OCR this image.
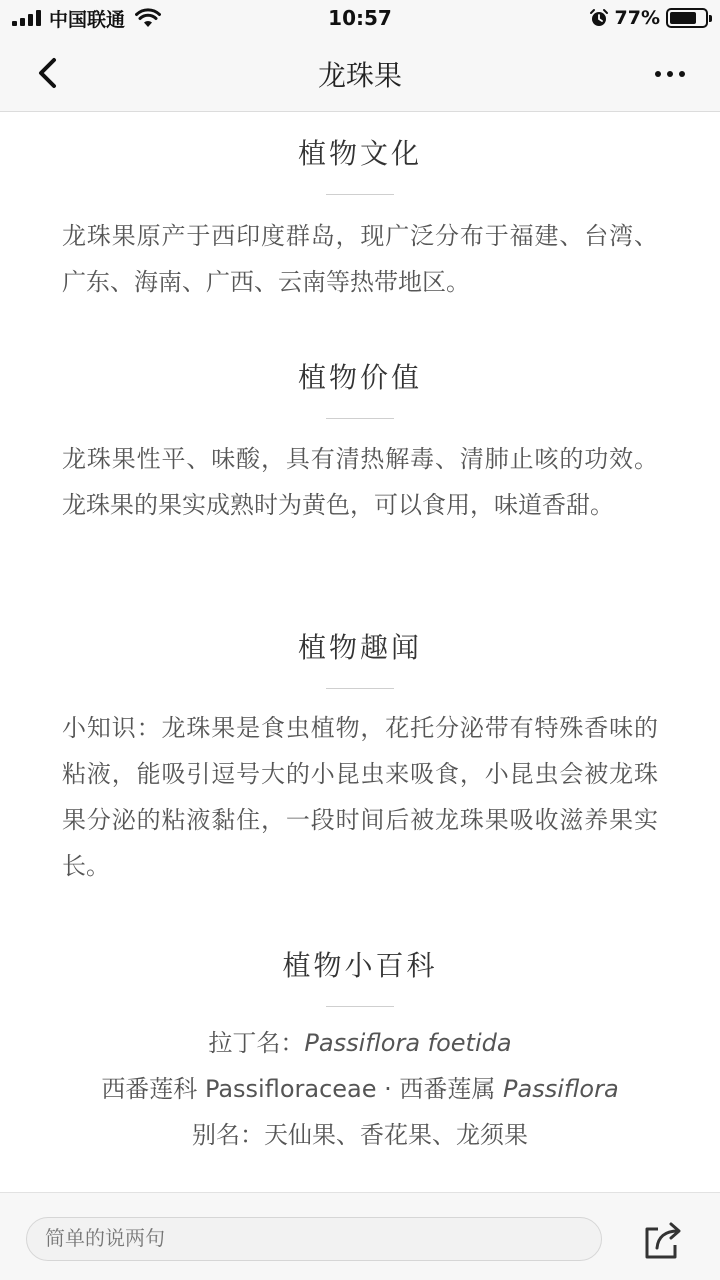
中国联通	10:57	77%
龙珠果
植物文化

龙珠果原产于西印度群岛，现广泛分布于福建、台湾、广东、海南、广西、云南等热带地区。

植物价值

龙珠果性平、味酸，具有清热解毒、清肺止咳的功效。龙珠果的果实成熟时为黄色，可以食用，味道香甜。

植物趣闻

小知识：龙珠果是食虫植物，花托分泌带有特殊香味的粘液，能吸引逗号大的小昆虫来吸食，小昆虫会被龙珠果分泌的粘液黏住，一段时间后被龙珠果吸收滋养果实长。

植物小百科
拉丁名：Passiflora foetida
西番莲科 Passifloraceae · 西番莲属 Passiflora
别名：天仙果、香花果、龙须果
简单的说两句
